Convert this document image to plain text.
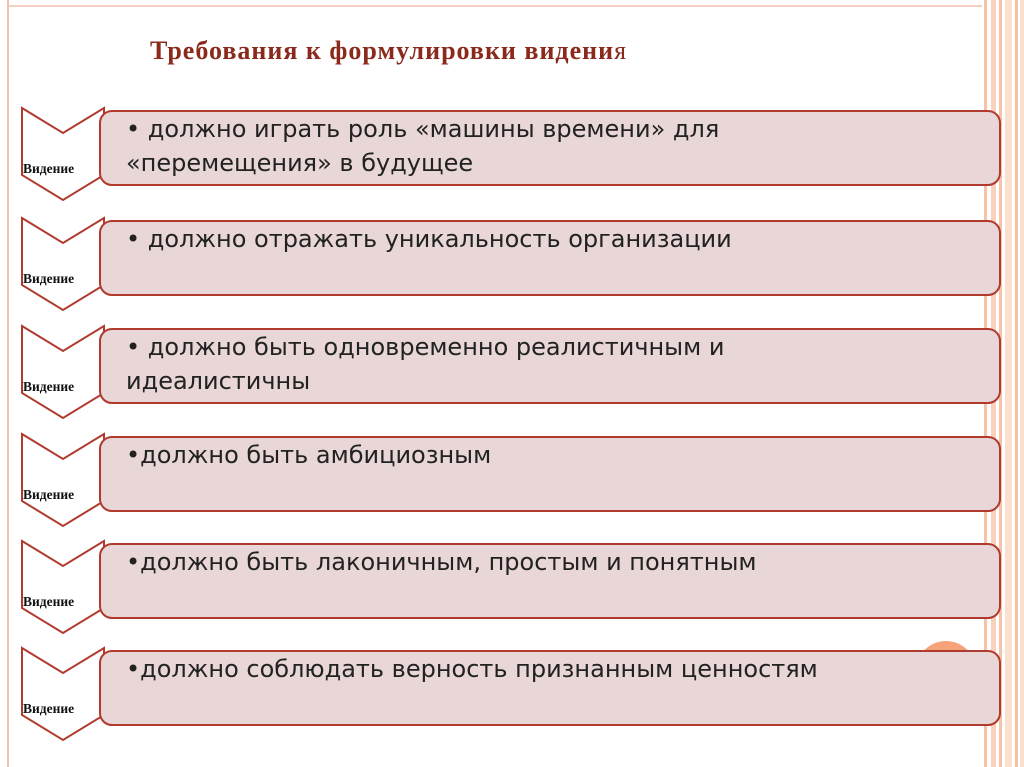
Требования к формулировки видения
Видение
• должно играть роль «машины времени» для «перемещения» в будущее
Видение
• должно отражать уникальность организации
Видение
• должно быть одновременно реалистичным и идеалистичны
Видение
•должно быть амбициозным
Видение
•должно быть лаконичным, простым и понятным
Видение
•должно соблюдать верность признанным ценностям
